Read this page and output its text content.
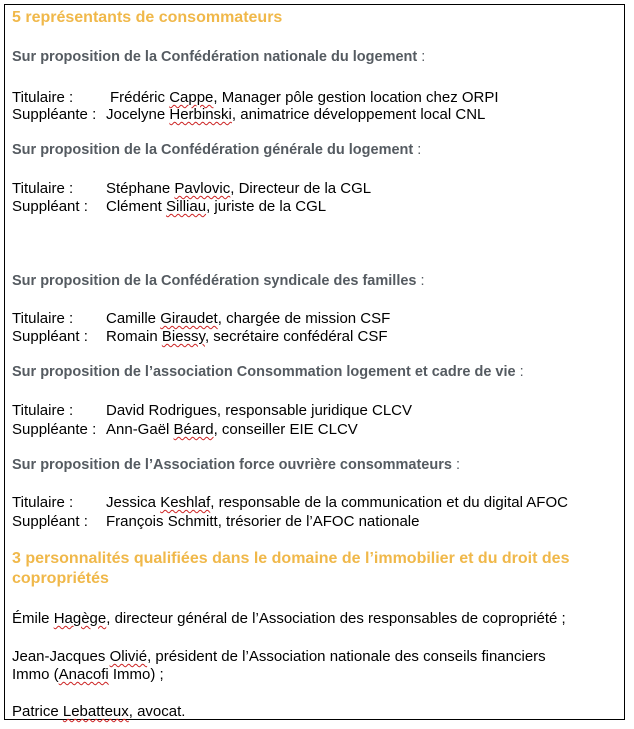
5 représentants de consommateurs
Sur proposition de la Confédération nationale du logement :
Titulaire : Frédéric Cappe, Manager pôle gestion location chez ORPI
Suppléante : Jocelyne Herbinski, animatrice développement local CNL
Sur proposition de la Confédération générale du logement :
Titulaire : Stéphane Pavlovic, Directeur de la CGL
Suppléant : Clément Silliau, juriste de la CGL
Sur proposition de la Confédération syndicale des familles :
Titulaire : Camille Giraudet, chargée de mission CSF
Suppléant : Romain Biessy, secrétaire confédéral CSF
Sur proposition de l’association Consommation logement et cadre de vie :
Titulaire : David Rodrigues, responsable juridique CLCV
Suppléante : Ann-Gaël Béard, conseiller EIE CLCV
Sur proposition de l’Association force ouvrière consommateurs :
Titulaire : Jessica Keshlaf, responsable de la communication et du digital AFOC
Suppléant : François Schmitt, trésorier de l’AFOC nationale
3 personnalités qualifiées dans le domaine de l’immobilier et du droit des copropriétés
Émile Hagège, directeur général de l’Association des responsables de copropriété ;
Jean-Jacques Olivié, président de l’Association nationale des conseils financiers
Immo (Anacofi Immo) ;
Patrice Lebatteux, avocat.
